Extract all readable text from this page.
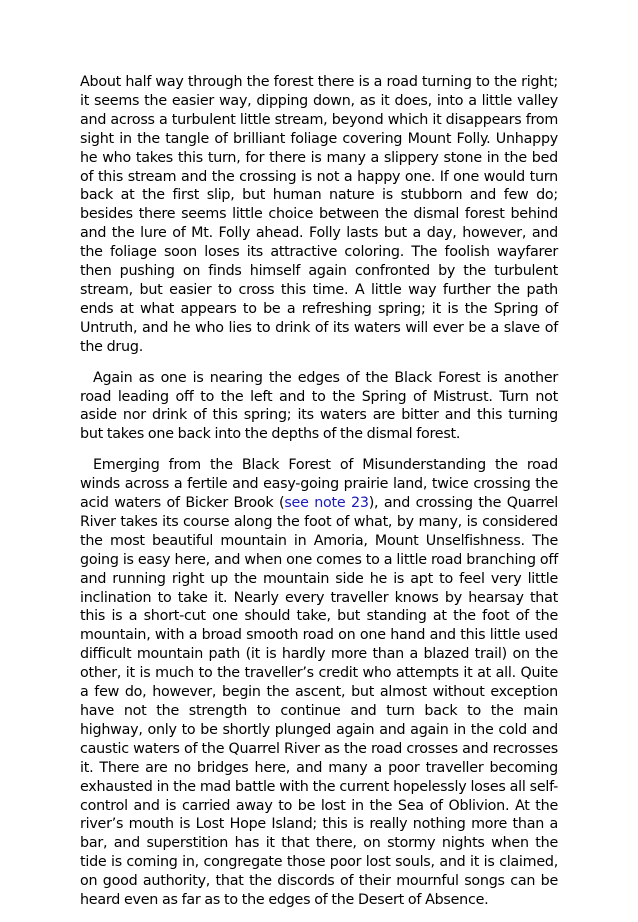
About half way through the forest there is a road turning to the right; it seems the easier way, dipping down, as it does, into a little valley and across a turbulent little stream, beyond which it disappears from sight in the tangle of brilliant foliage covering Mount Folly. Unhappy he who takes this turn, for there is many a slippery stone in the bed of this stream and the crossing is not a happy one. If one would turn back at the first slip, but human nature is stubborn and few do; besides there seems little choice between the dismal forest behind and the lure of Mt. Folly ahead. Folly lasts but a day, however, and the foliage soon loses its attractive coloring. The foolish wayfarer then pushing on finds himself again confronted by the turbulent stream, but easier to cross this time. A little way further the path ends at what appears to be a refreshing spring; it is the Spring of Untruth, and he who lies to drink of its waters will ever be a slave of the drug.

Again as one is nearing the edges of the Black Forest is another road leading off to the left and to the Spring of Mistrust. Turn not aside nor drink of this spring; its waters are bitter and this turning but takes one back into the depths of the dismal forest.

Emerging from the Black Forest of Misunderstanding the road winds across a fertile and easy-going prairie land, twice crossing the acid waters of Bicker Brook (see note 23), and crossing the Quarrel River takes its course along the foot of what, by many, is considered the most beautiful mountain in Amoria, Mount Unselfishness. The going is easy here, and when one comes to a little road branching off and running right up the mountain side he is apt to feel very little inclination to take it. Nearly every traveller knows by hearsay that this is a short-cut one should take, but standing at the foot of the mountain, with a broad smooth road on one hand and this little used difficult mountain path (it is hardly more than a blazed trail) on the other, it is much to the traveller’s credit who attempts it at all. Quite a few do, however, begin the ascent, but almost without exception have not the strength to continue and turn back to the main highway, only to be shortly plunged again and again in the cold and caustic waters of the Quarrel River as the road crosses and recrosses it. There are no bridges here, and many a poor traveller becoming exhausted in the mad battle with the current hopelessly loses all self-control and is carried away to be lost in the Sea of Oblivion. At the river’s mouth is Lost Hope Island; this is really nothing more than a bar, and superstition has it that there, on stormy nights when the tide is coming in, congregate those poor lost souls, and it is claimed, on good authority, that the discords of their mournful songs can be heard even as far as to the edges of the Desert of Absence.
